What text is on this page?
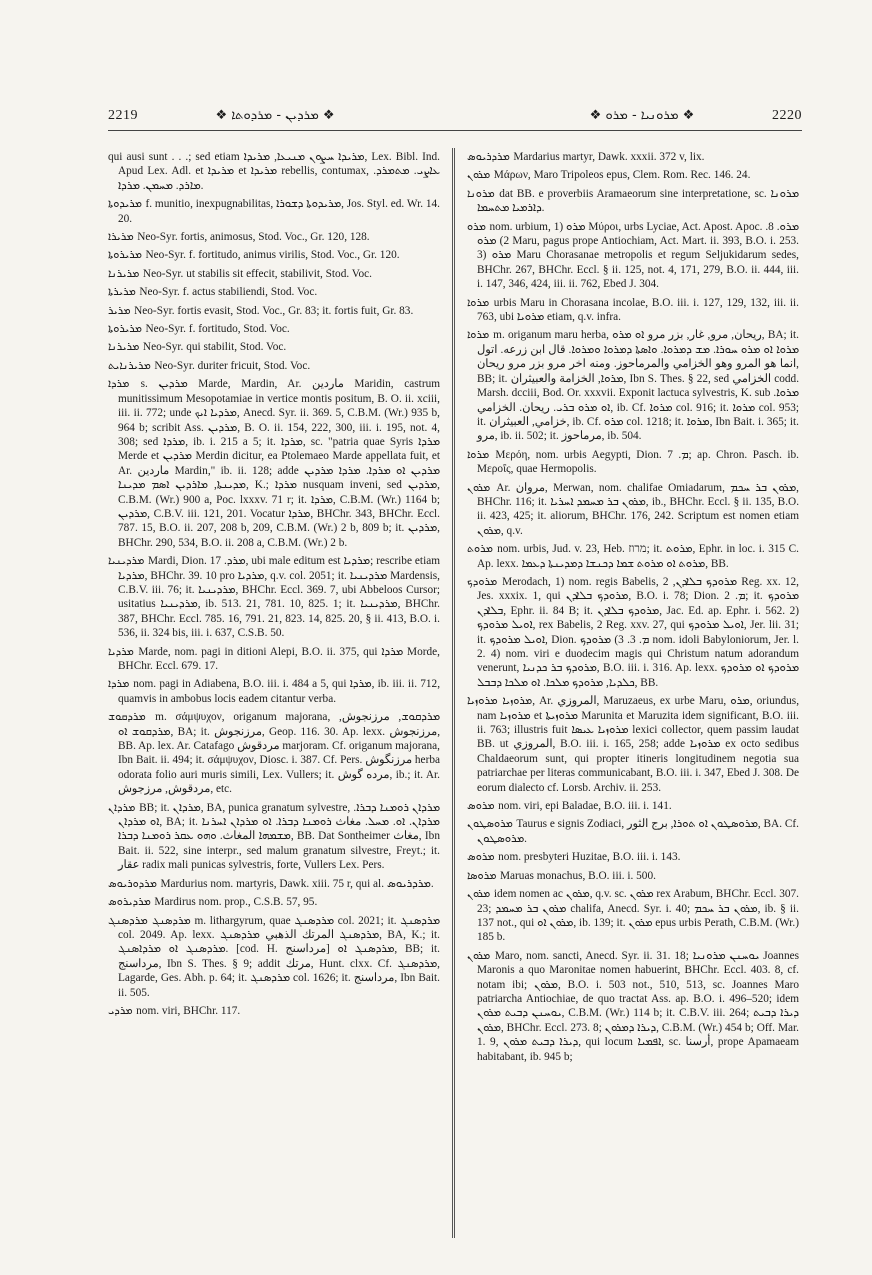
2219	❖ ܡܪܕܝܢ - ܡܪܕܘܬܐ ❖	❖ ܡܪܘܢܝܐ - ܡܪܘ ❖	2220

qui ausi sunt . . .; sed etiam ܡܪܝܕܐ ܚܨܘܢ ܡܢܝܥܐ, ܡܪܝܕܐ, Lex. Bibl. Ind. Apud Lex. Adl. et ܡܪܝܕܐ et ܡܪܝܕܐ rebellis, contumax, ܥܐܨܝ. ܡܬܡܪܕ. ܡܐܪܕ. ܡܚܡܢ. ܡܪܕܐ.

ܡܪܝܕܘܬܐ f. munitio, inexpugnabilitas, ܡܪܝܕܘܬܐ ܕܫܘܪܐ, Jos. Styl. ed. Wr. 14. 20.

ܡܪܝܪܐ Neo-Syr. fortis, animosus, Stod. Voc., Gr. 120, 128.

ܡܪܝܪܘܬܐ Neo-Syr. f. fortitudo, animus virilis, Stod. Voc., Gr. 120.

ܡܪܝܪܢܐ Neo-Syr. ut stabilis sit effecit, stabilivit, Stod. Voc.

ܡܪܝܪܬܐ Neo-Syr. f. actus stabiliendi, Stod. Voc.

ܡܪܝܪ Neo-Syr. fortis evasit, Stod. Voc., Gr. 83; it. fortis fuit, Gr. 83.

ܡܪܝܪܘܬܐ Neo-Syr. f. fortitudo, Stod. Voc.

ܡܪܝܪܢܐ Neo-Syr. qui stabilit, Stod. Voc.

ܡܪܝܪܢܐܝܬ Neo-Syr. duriter fricuit, Stod. Voc.

ܡܪܕܐ s. ܡܪܕܝܢ Marde, Mardin, Ar. ماردين Maridin, castrum munitissimum Mesopotamiae in vertice montis positum, B. O. ii. xciii, iii. ii. 772; unde ܡܪܕܝܐ ܐܝܟ, Anecd. Syr. ii. 369. 5, C.B.M. (Wr.) 935 b, 964 b; scribit Ass. ܡܪܕܝܢ, B. O. ii. 154, 222, 300, iii. i. 195, not. 4, 308; sed ܡܪܕܐ, ib. i. 215 a 5; it. ܡܪܕܐ, sc. "patria quae Syris ܡܪܕܐ Merde et ܡܪܕܝܢ Merdin dicitur, ea Ptolemaeo Marde appellata fuit, et Ar. ماردين Mardin," ib. ii. 128; adde ܡܪܕܝܢ ܐܘ ܡܪܕܐ. ܡܪܕܐ ܡܪܕܝܢ ܡܕܝܢܬܐ, ܡܐܪܕܝܢ ܐܣܡ ܡܕܝܢܐ, K.; ܡܪܕܐ nusquam inveni, sed ܡܪܕܝܢ, C.B.M. (Wr.) 900 a, Poc. lxxxv. 71 r; it. ܡܪܕܐ, C.B.M. (Wr.) 1164 b; ܡܪܕܝܢ, C.B.V. iii. 121, 201. Vocatur ܡܪܕܐ, BHChr. 343, BHChr. Eccl. 787. 15, B.O. ii. 207, 208 b, 209, C.B.M. (Wr.) 2 b, 809 b; it. ܡܪܕܝܢ, BHChr. 290, 534, B.O. ii. 208 a, C.B.M. (Wr.) 2 b.

ܡܪܕܝܢܝܐ Mardi, Dion. ܡܪܕ. 17, ubi male editum est ܡܪܕܝܐ; rescribe etiam ܡܪܕܝܐ, BHChr. 39. 10 pro ܡܪܕܝܐ, q.v. col. 2051; it. ܡܪܕܝܢܝܐ Mardensis, C.B.V. iii. 76; it. ܡܪܕܝܢܝܐ, BHChr. Eccl. 369. 7, ubi Abbeloos Cursor; usitatius ܡܪܕܝܢܝܐ, ib. 513. 21, 781. 10, 825. 1; it. ܡܪܕܝܢܝܐ, BHChr. 387, BHChr. Eccl. 785. 16, 791. 21, 823. 14, 825. 20, § ii. 413, B.O. i. 536, ii. 324 bis, iii. i. 637, C.S.B. 50.

ܡܪܕܝܐ Marde, nom. pagi in ditioni Alepi, B.O. ii. 375, qui ܡܪܕܐ Morde, BHChr. Eccl. 679. 17.

ܡܪܕܐ nom. pagi in Adiabena, B.O. iii. i. 484 a 5, qui ܡܪܕܐ, ib. iii. ii. 712, quamvis in ambobus locis eadem citantur verba.

ܡܪܕܩܘܫ m. σάμψυχον, origanum majorana, ܡܪܕܩܘܫ, مرزنجوش, ܡܪܕܩܘܫ ܐܘ, BA; it. مرزنجوش, Geop. 116. 30. Ap. lexx. مرزنجوش, BB. Ap. lex. Ar. Catafago مردقوش marjoram. Cf. origanum majorana, Ibn Bait. ii. 494; it. σάμψυχον, Diosc. i. 387. Cf. Pers. مرزنگوش herba odorata folio auri muris simili, Lex. Vullers; it. مرده گوش, ib.; it. Ar. مردقوش, مرزجوش, etc.

ܡܪܕܐܢ BB; it. ܡܪܕܐܢ, BA, punica granatum sylvestre, ܡܪܕܐܢ ܪܘܡܢܐ ܕܒܪܐ. ܐܘ ܡܪܕܐܢ, BA; it. ܡܪܕܐܢ. ܐܘ. ܡܚܠ. مغاث ܪܘܡܢܐ ܕܒܪܐ. ܐܘ ܡܪܕܐܢ ܐܚܪܢܐ ܡܫܡܗܐ المغاث. ܘܗܘ ܥܩܪ ܪܘܡܢܐ ܕܒܪܐ, BB. Dat Sontheimer مغاث, Ibn Bait. ii. 522, sine interpr., sed malum granatum silvestre, Freyt.; it. عقار radix mali punicas sylvestris, forte, Vullers Lex. Pers.

ܡܪܕܘܪܝܘܣ Mardurius nom. martyris, Dawk. xiii. 75 r, qui al. ܡܪܕܪܝܘܣ.

ܡܪܕܝܪܘܣ Mardirus nom. prop., C.S.B. 57, 95.

ܡܪܕܣܢܓ ܡܪܕܣܢܓ m. lithargyrum, quae ܡܪܕܣܢܓ col. 2021; it. ܡܪܕܣܢܓ col. 2049. Ap. lexx. ܡܪܕܣܢܓ المرتك الذهبي ܡܪܕܣܢܓ, BA, K.; it. ܡܪܕܣܢܓ ܐܘ ܡܪܕܐܣܢܓ. [cod. H. مرداسنج] ܡܪܕܣܢܓ ܐܘ, BB; it. مرداسنج, Ibn S. Thes. § 9; addit مرتك, Hunt. clxx. Cf. ܡܪܕܣܢܓ, Lagarde, Ges. Abh. p. 64; it. ܡܪܕܣܢܓ col. 1626; it. مرداسنج, Ibn Bait. ii. 505.

ܡܪܕܝ nom. viri, BHChr. 117.

ܡܪܕܪܝܘܣ Mardarius martyr, Dawk. xxxii. 372 v, lix.

ܡܪܘܢ Μάρων, Maro Tripoleos epus, Clem. Rom. Rec. 146. 24.

ܡܪܘܢܐ dat BB. e proverbiis Aramaeorum sine interpretatione, sc. ܡܪܘܢܐ ܕܐܪܡܝܐ ܡܬܚܡܐ.

ܡܪܘ nom. urbium, 1) ܡܪܘ Μύροι, urbs Lyciae, Act. Apost. Apoc. ܡܪܘ. 8. 2) ܡܪܘ Maru, pagus prope Antiochiam, Act. Mart. ii. 393, B.O. i. 253. 3) ܡܪܘ Maru Chorasanae metropolis et regum Seljukidarum sedes, BHChr. 267, BHChr. Eccl. § ii. 125, not. 4, 171, 279, B.O. ii. 444, iii. i. 147, 346, 424, iii. ii. 762, Ebed J. 304.

ܡܪܘܐ urbis Maru in Chorasana incolae, B.O. iii. i. 127, 129, 132, iii. ii. 763, ubi ܡܪܘܝܐ etiam, q.v. infra.

ܡܪܘܐ m. origanum maru herba, ريحان, مرو, غار, بزر مرو ܐܘ ܡܪܘ, BA; it. ܡܪܘܐ ܐܘ ܡܪܘ ܚܘܪܐ. ܡܫ ܕܡܪܘܐ. ܘܐܣܬܐ ܕܡܪܘܐ ܘܡܪܘܐ. قال ابن زرعه. اتول انما هو المرو وهو الخزامي والمرماحوز. ومنه اخر مرو بزر مرو ريحان, BB; it. ܡܪܘܐ, الخزامة والعبيثران, Ibn S. Thes. § 22, sed الخزامي codd. Marsh. dcciii, Bod. Or. xxxvii. Exponit lactuca sylvestris, K. sub ܡܪܘܐ. ܐܘ ܡܪܘ ܒܪܝ. ريحان. الخزامي, ib. Cf. ܡܪܘܐ col. 916; it. ܡܪܘܐ col. 953; it. خزامي, العبيثران, ib. Cf. ܡܪܘ col. 1218; it. ܡܪܘܐ, Ibn Bait. i. 365; it. مرو, ib. ii. 502; it. مرماحوز, ib. 504.

ܡܪܘܐ Μερόη, nom. urbis Aegypti, Dion. ܡ. 7; ap. Chron. Pasch. ib. Μεροΐς, quae Hermopolis.

ܡܪܘܢ Ar. مروان, Merwan, nom. chalifae Omiadarum, ܡܪܘܢ ܒܪ ܚܟܡ, BHChr. 116; it. ܡܪܘܢ ܒܪ ܡܚܡܕ ܐܚܪܝܐ, ib., BHChr. Eccl. § ii. 135, B.O. ii. 423, 425; it. aliorum, BHChr. 176, 242. Scriptum est nomen etiam ܡܪܘܢ, q.v.

ܡܪܘܬ nom. urbis, Jud. v. 23, Heb. מרוז; it. ܡܪܘܬ, Ephr. in loc. i. 315 C. Ap. lexx. ܡܪܘܬ ܐܘ ܡܪܘܬ ܫܡܐ ܕܟܢܫܐ ܕܡܕܝܢܬܐ ܕܥܡܐ, BB.

ܡܪܘܕܟ Merodach, 1) nom. regis Babelis, ܡܪܘܕܟ ܒܠܐܕܢ, 2 Reg. xx. 12, Jes. xxxix. 1, qui ܡܪܘܕܟ ܒܠܐܕܢ, B.O. i. 78; Dion. ܡ. 2; it. ܡܪܘܕܟ ܒܠܐܕܢ, Ephr. ii. 84 B; it. ܡܪܘܕܟ ܒܠܐܕܢ, Jac. Ed. ap. Ephr. i. 562. 2) ܐܘܝܠ ܡܪܘܕܟ, rex Babelis, 2 Reg. xxv. 27, qui ܐܘܝܠ ܡܪܘܕܟ, Jer. lii. 31; it. ܐܘܝܠ ܡܪܘܕܟ, Dion. ܡ. 3. 3) ܡܪܘܕܟ nom. idoli Babyloniorum, Jer. l. 2. 4) nom. viri e duodecim magis qui Christum natum adorandum venerunt, ܡܪܘܕܟ ܒܪ ܟܕܢܝܐ, B.O. iii. i. 316. Ap. lexx. ܡܪܘܕܟ ܐܘ ܡܪܘܕܟ ܟܠܕܝܐ, ܡܪܘܕܟ ܡܠܟܐ. ܐܘ ܡܠܟܐ ܕܒܒܠ, BB.

ܡܪܘܙܝܐ ܡܪܘܙܝܐ, Ar. المروزي, Maruzaeus, ex urbe Maru, ܡܪܘ, oriundus, nam ܡܪܘܙܝܐ et ܡܪܘܙܝܬܐ Marunita et Maruzita idem significant, B.O. iii. ii. 763; illustris fuit ܡܪܘܙܝܐ ܥܝܣܐ lexici collector, quem passim laudat BB. ut المروزي, B.O. iii. i. 165, 258; adde ܡܪܘܙܝܐ ex octo sedibus Chaldaeorum sunt, qui propter itineris longitudinem negotia sua patriarchae per literas communicabant, B.O. iii. i. 347, Ebed J. 308. De eorum dialecto cf. Lorsb. Archiv. ii. 253.

ܡܪܘܣ nom. viri, epi Baladae, B.O. iii. i. 141.

ܡܪܘܣܛܘܢ Taurus e signis Zodiaci, ܡܪܘܣܛܘܢ ܐܘ ܬܘܪܐ, برج الثور, BA. Cf. ܡܪܘܣܛܘܢ.

ܡܪܘܣ nom. presbyteri Huzitae, B.O. iii. i. 143.

ܡܪܘܣܐ Maruas monachus, B.O. iii. i. 500.

ܡܪܘܢ idem nomen ac ܡܪܘܢ, q.v. sc. ܡܪܘܢ rex Arabum, BHChr. Eccl. 307. 23; ܡܪܘܢ ܒܪ ܡܚܡܕ chalifa, Anecd. Syr. i. 40; ܡܪܘܢ ܒܪ ܚܟܡ, ib. § ii. 137 not., qui ܡܪܘܢ ܐܘ, ib. 139; it. ܡܪܘܢ epus urbis Perath, C.B.M. (Wr.) 185 b.

ܡܪܘܢ Maro, nom. sancti, Anecd. Syr. ii. 31. 18; ܝܘܚܢܢ ܡܪܘܢܝܐ Joannes Maronis a quo Maronitae nomen habuerint, BHChr. Eccl. 403. 8, cf. notam ibi; ܡܪܘܢ, B.O. i. 503 not., 510, 513, sc. Joannes Maro patriarcha Antiochiae, de quo tractat Ass. ap. B.O. i. 496–520; idem ܝܘܚܢܢ ܕܒܝܬ ܡܪܘܢ, C.B.M. (Wr.) 114 b; it. C.B.V. iii. 264; ܕܝܪܐ ܕܒܝܬ ܡܪܘܢ, BHChr. Eccl. 273. 8; ܕܝܪܐ ܕܡܪܘܢ, C.B.M. (Wr.) 454 b; Off. Mar. 1. 9, ܕܝܪܐ ܕܒܝܬ ܡܪܘܢ, qui locum ܐܦܡܝܐ, sc. أرسنا, prope Apamaeam habitabant, ib. 945 b;
